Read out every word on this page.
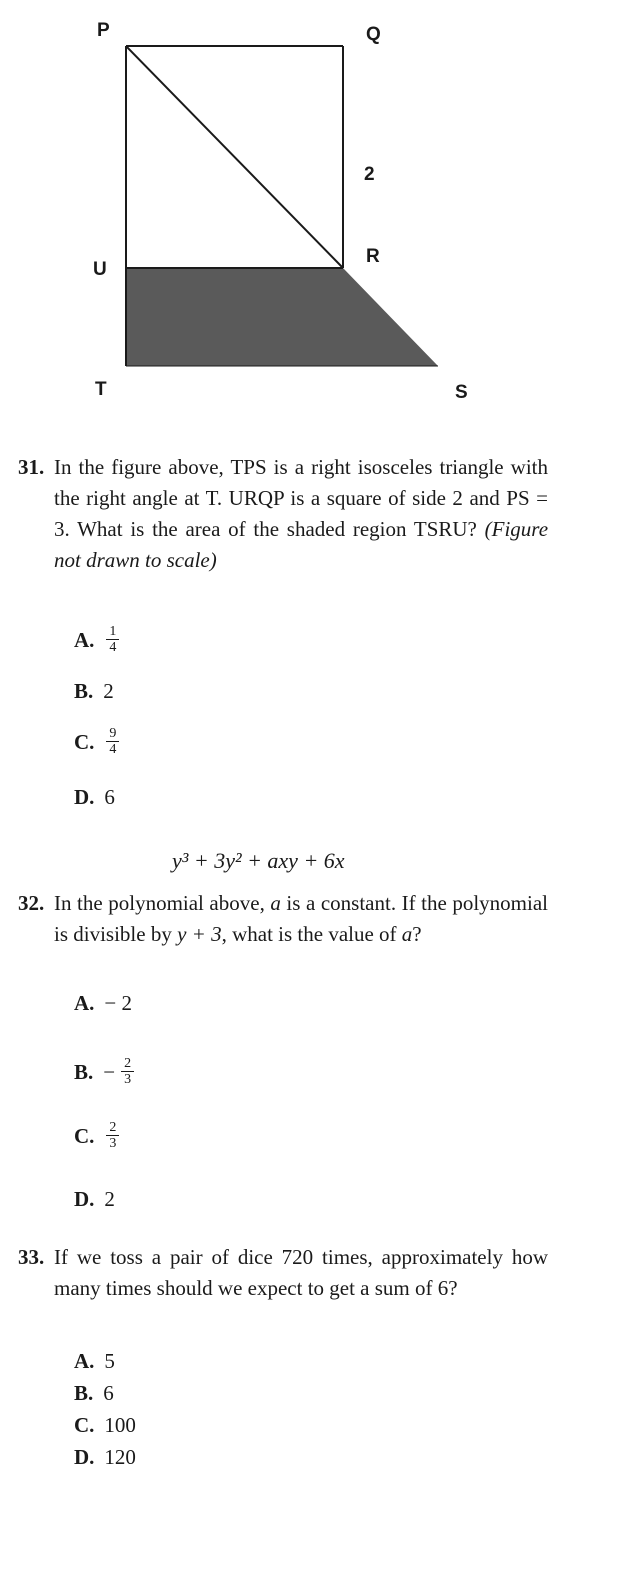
P	Q
2
R
U
T	S
31. In the figure above, TPS is a right isosceles triangle with the right angle at T. URQP is a square of side 2 and PS = 3. What is the area of the shaded region TSRU? (Figure not drawn to scale)
A. $\frac{1}{4}$
B. 2
C. $\frac{9}{4}$
D. 6
y³ + 3y² + axy + 6x
32. In the polynomial above, a is a constant. If the polynomial is divisible by y + 3, what is the value of a?
A. − 2
B. − $\frac{2}{3}$
C. $\frac{2}{3}$
D. 2
33. If we toss a pair of dice 720 times, approximately how many times should we expect to get a sum of 6?
A. 5
B. 6
C. 100
D. 120
